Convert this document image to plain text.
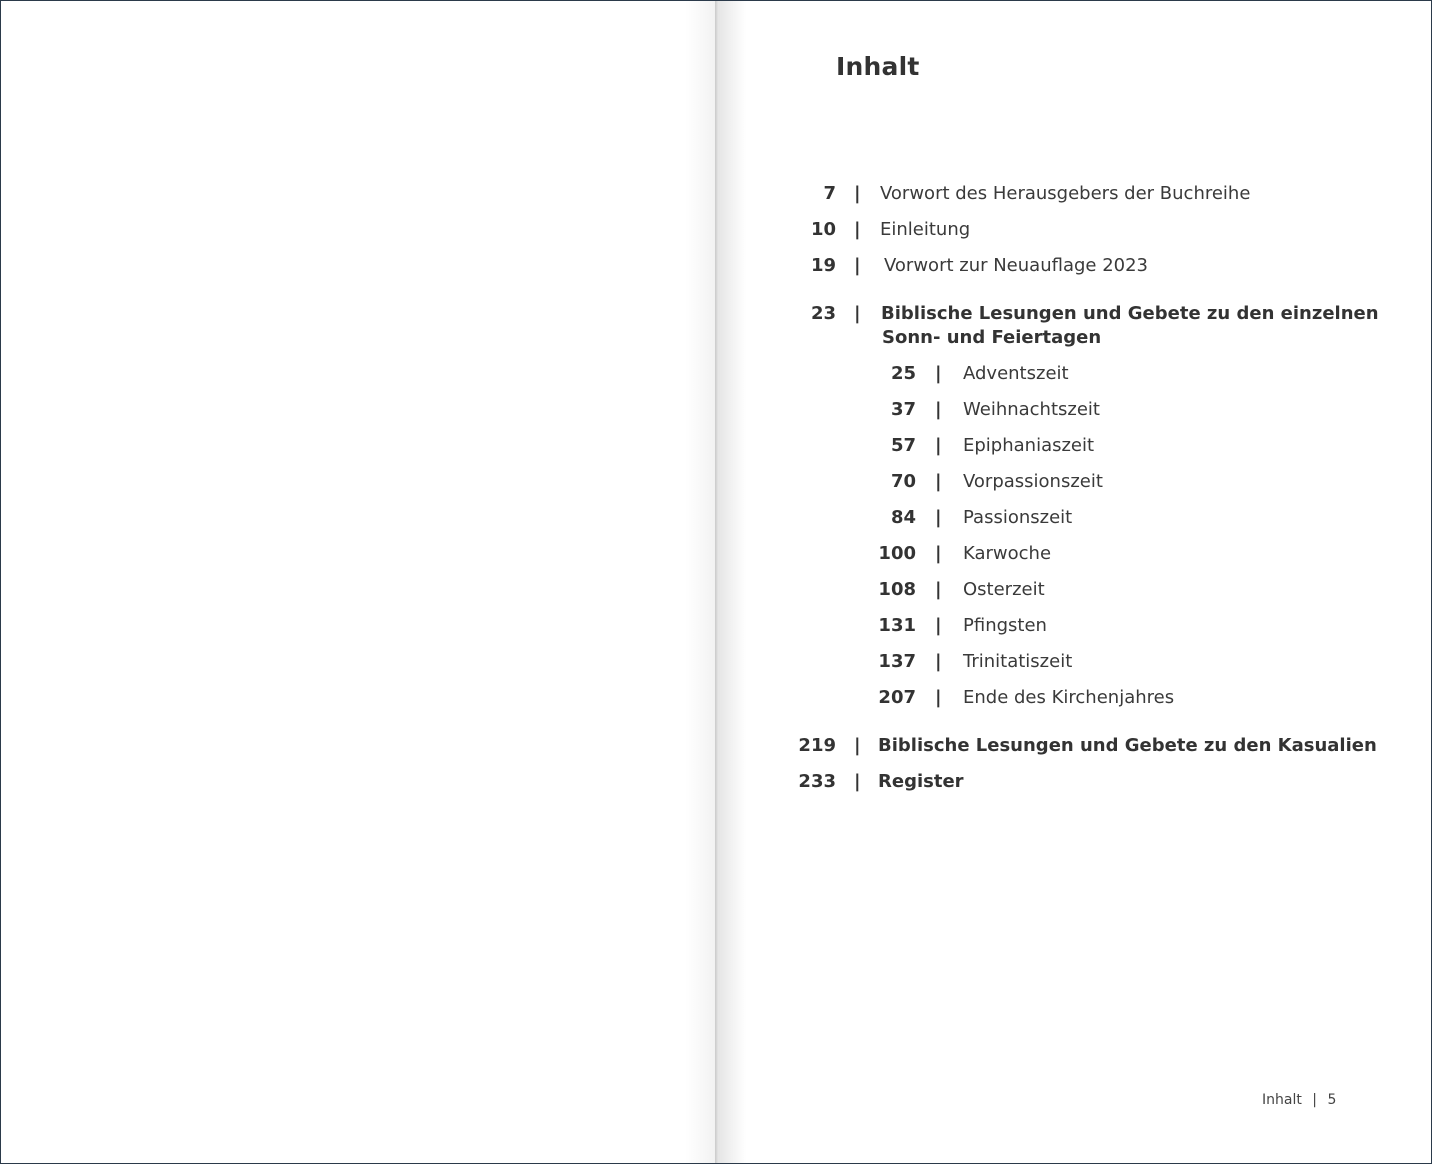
Inhalt
7 | Vorwort des Herausgebers der Buchreihe
10 | Einleitung
19 | Vorwort zur Neuauflage 2023
23 | Biblische Lesungen und Gebete zu den einzelnen
Sonn- und Feiertagen
25 | Adventszeit
37 | Weihnachtszeit
57 | Epiphaniaszeit
70 | Vorpassionszeit
84 | Passionszeit
100 | Karwoche
108 | Osterzeit
131 | Pfingsten
137 | Trinitatiszeit
207 | Ende des Kirchenjahres
219 | Biblische Lesungen und Gebete zu den Kasualien
233 | Register
Inhalt | 5
